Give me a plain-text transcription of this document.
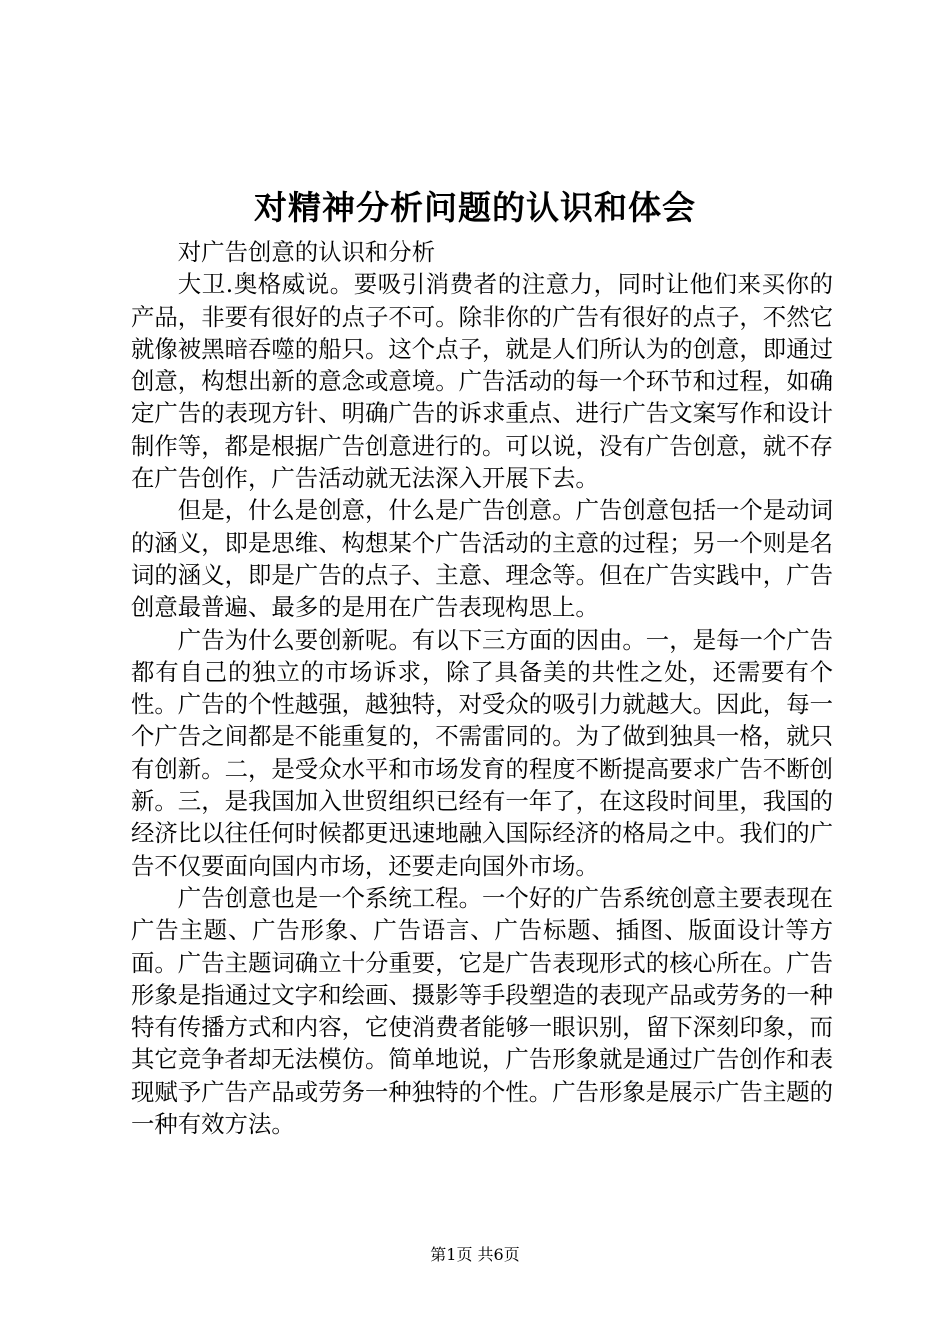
对精神分析问题的认识和体会

对广告创意的认识和分析

大卫.奥格威说。要吸引消费者的注意力，同时让他们来买你的产品，非要有很好的点子不可。除非你的广告有很好的点子，不然它就像被黑暗吞噬的船只。这个点子，就是人们所认为的创意，即通过创意，构想出新的意念或意境。广告活动的每一个环节和过程，如确定广告的表现方针、明确广告的诉求重点、进行广告文案写作和设计制作等，都是根据广告创意进行的。可以说，没有广告创意，就不存在广告创作，广告活动就无法深入开展下去。

但是，什么是创意，什么是广告创意。广告创意包括一个是动词的涵义，即是思维、构想某个广告活动的主意的过程；另一个则是名词的涵义，即是广告的点子、主意、理念等。但在广告实践中，广告创意最普遍、最多的是用在广告表现构思上。

广告为什么要创新呢。有以下三方面的因由。一，是每一个广告都有自己的独立的市场诉求，除了具备美的共性之处，还需要有个性。广告的个性越强，越独特，对受众的吸引力就越大。因此，每一个广告之间都是不能重复的，不需雷同的。为了做到独具一格，就只有创新。二，是受众水平和市场发育的程度不断提高要求广告不断创新。三，是我国加入世贸组织已经有一年了，在这段时间里，我国的经济比以往任何时候都更迅速地融入国际经济的格局之中。我们的广告不仅要面向国内市场，还要走向国外市场。

广告创意也是一个系统工程。一个好的广告系统创意主要表现在广告主题、广告形象、广告语言、广告标题、插图、版面设计等方面。广告主题词确立十分重要，它是广告表现形式的核心所在。广告形象是指通过文字和绘画、摄影等手段塑造的表现产品或劳务的一种特有传播方式和内容，它使消费者能够一眼识别，留下深刻印象，而其它竞争者却无法模仿。简单地说，广告形象就是通过广告创作和表现赋予广告产品或劳务一种独特的个性。广告形象是展示广告主题的一种有效方法。

第1页 共6页
